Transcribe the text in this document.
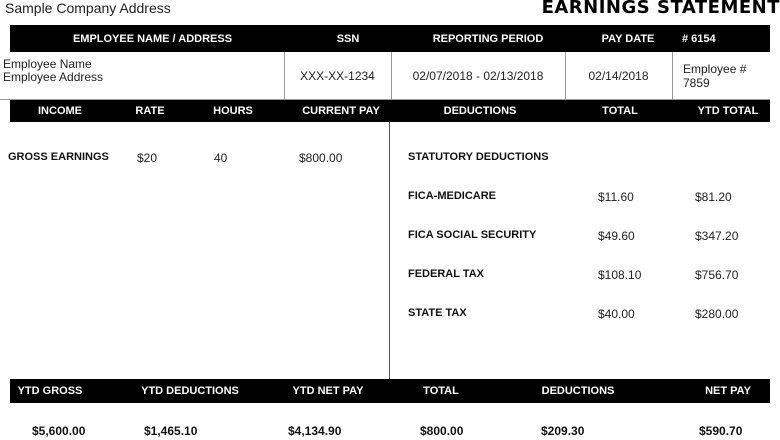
Sample Company Address	EARNINGS STATEMENT
EMPLOYEE NAME / ADDRESS	SSN	REPORTING PERIOD	PAY DATE	# 6154
Employee Name
Employee Address	XXX-XX-1234	02/07/2018 - 02/13/2018	02/14/2018	Employee #
7859
INCOME	RATE	HOURS	CURRENT PAY	DEDUCTIONS	TOTAL	YTD TOTAL
GROSS EARNINGS $20	40	$800.00	STATUTORY DEDUCTIONS
FICA-MEDICARE	$11.60	$81.20
FICA SOCIAL SECURITY	$49.60	$347.20
FEDERAL TAX	$108.10	$756.70
STATE TAX	$40.00	$280.00
YTD GROSS	YTD DEDUCTIONS	YTD NET PAY	TOTAL	DEDUCTIONS	NET PAY
$5,600.00	$1,465.10	$4,134.90	$800.00	$209.30	$590.70
